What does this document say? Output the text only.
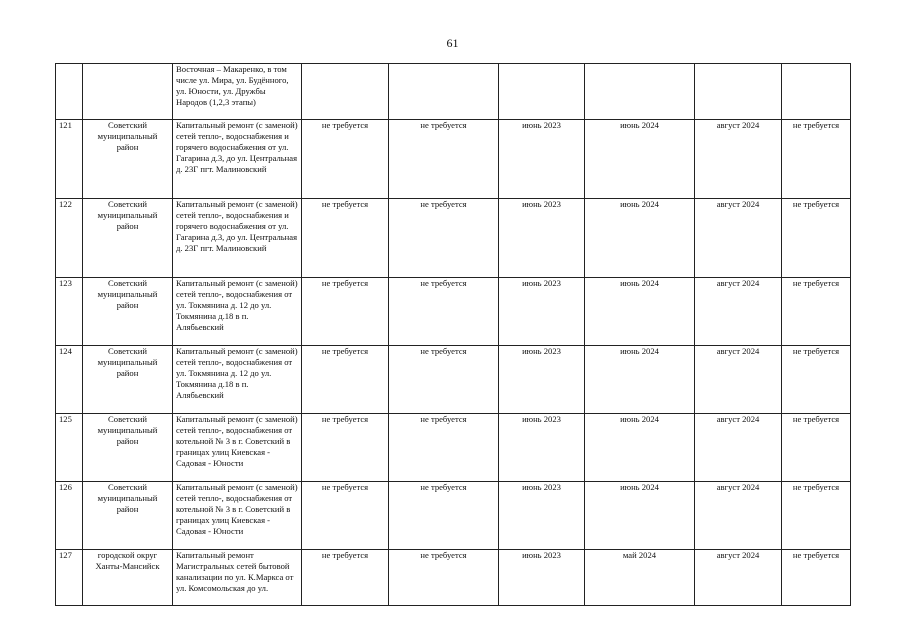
61

		Восточная – Макаренко, в том числе ул. Мира, ул. Будённого, ул. Юности, ул. Дружбы Народов (1,2,3 этапы)						

121	Советский муниципальный район	Капитальный ремонт (с заменой) сетей тепло-, водоснабжения и горячего водоснабжения от ул. Гагарина д.3, до ул. Центральная д. 23Г пгт. Малиновский	не требуется	не требуется	июнь 2023	июнь 2024	август 2024	не требуется
122	Советский муниципальный район	Капитальный ремонт (с заменой) сетей тепло-, водоснабжения и горячего водоснабжения от ул. Гагарина д.3, до ул. Центральная д. 23Г пгт. Малиновский	не требуется	не требуется	июнь 2023	июнь 2024	август 2024	не требуется
123	Советский муниципальный район	Капитальный ремонт (с заменой) сетей тепло-, водоснабжения от ул. Токмянина д. 12 до ул. Токмянина д.18 в п. Алябьевский	не требуется	не требуется	июнь 2023	июнь 2024	август 2024	не требуется
124	Советский муниципальный район	Капитальный ремонт (с заменой) сетей тепло-, водоснабжения от ул. Токмянина д. 12 до ул. Токмянина д.18 в п. Алябьевский	не требуется	не требуется	июнь 2023	июнь 2024	август 2024	не требуется
125	Советский муниципальный район	Капитальный ремонт (с заменой) сетей тепло-, водоснабжения от котельной № 3 в г. Советский в границах улиц Киевская - Садовая - Юности	не требуется	не требуется	июнь 2023	июнь 2024	август 2024	не требуется
126	Советский муниципальный район	Капитальный ремонт (с заменой) сетей тепло-, водоснабжения от котельной № 3 в г. Советский в границах улиц Киевская - Садовая - Юности	не требуется	не требуется	июнь 2023	июнь 2024	август 2024	не требуется
127	городской округ Ханты-Мансийск	Капитальный ремонт Магистральных сетей бытовой канализации по ул. К.Маркса от ул. Комсомольская до ул.	не требуется	не требуется	июнь 2023	май 2024	август 2024	не требуется
